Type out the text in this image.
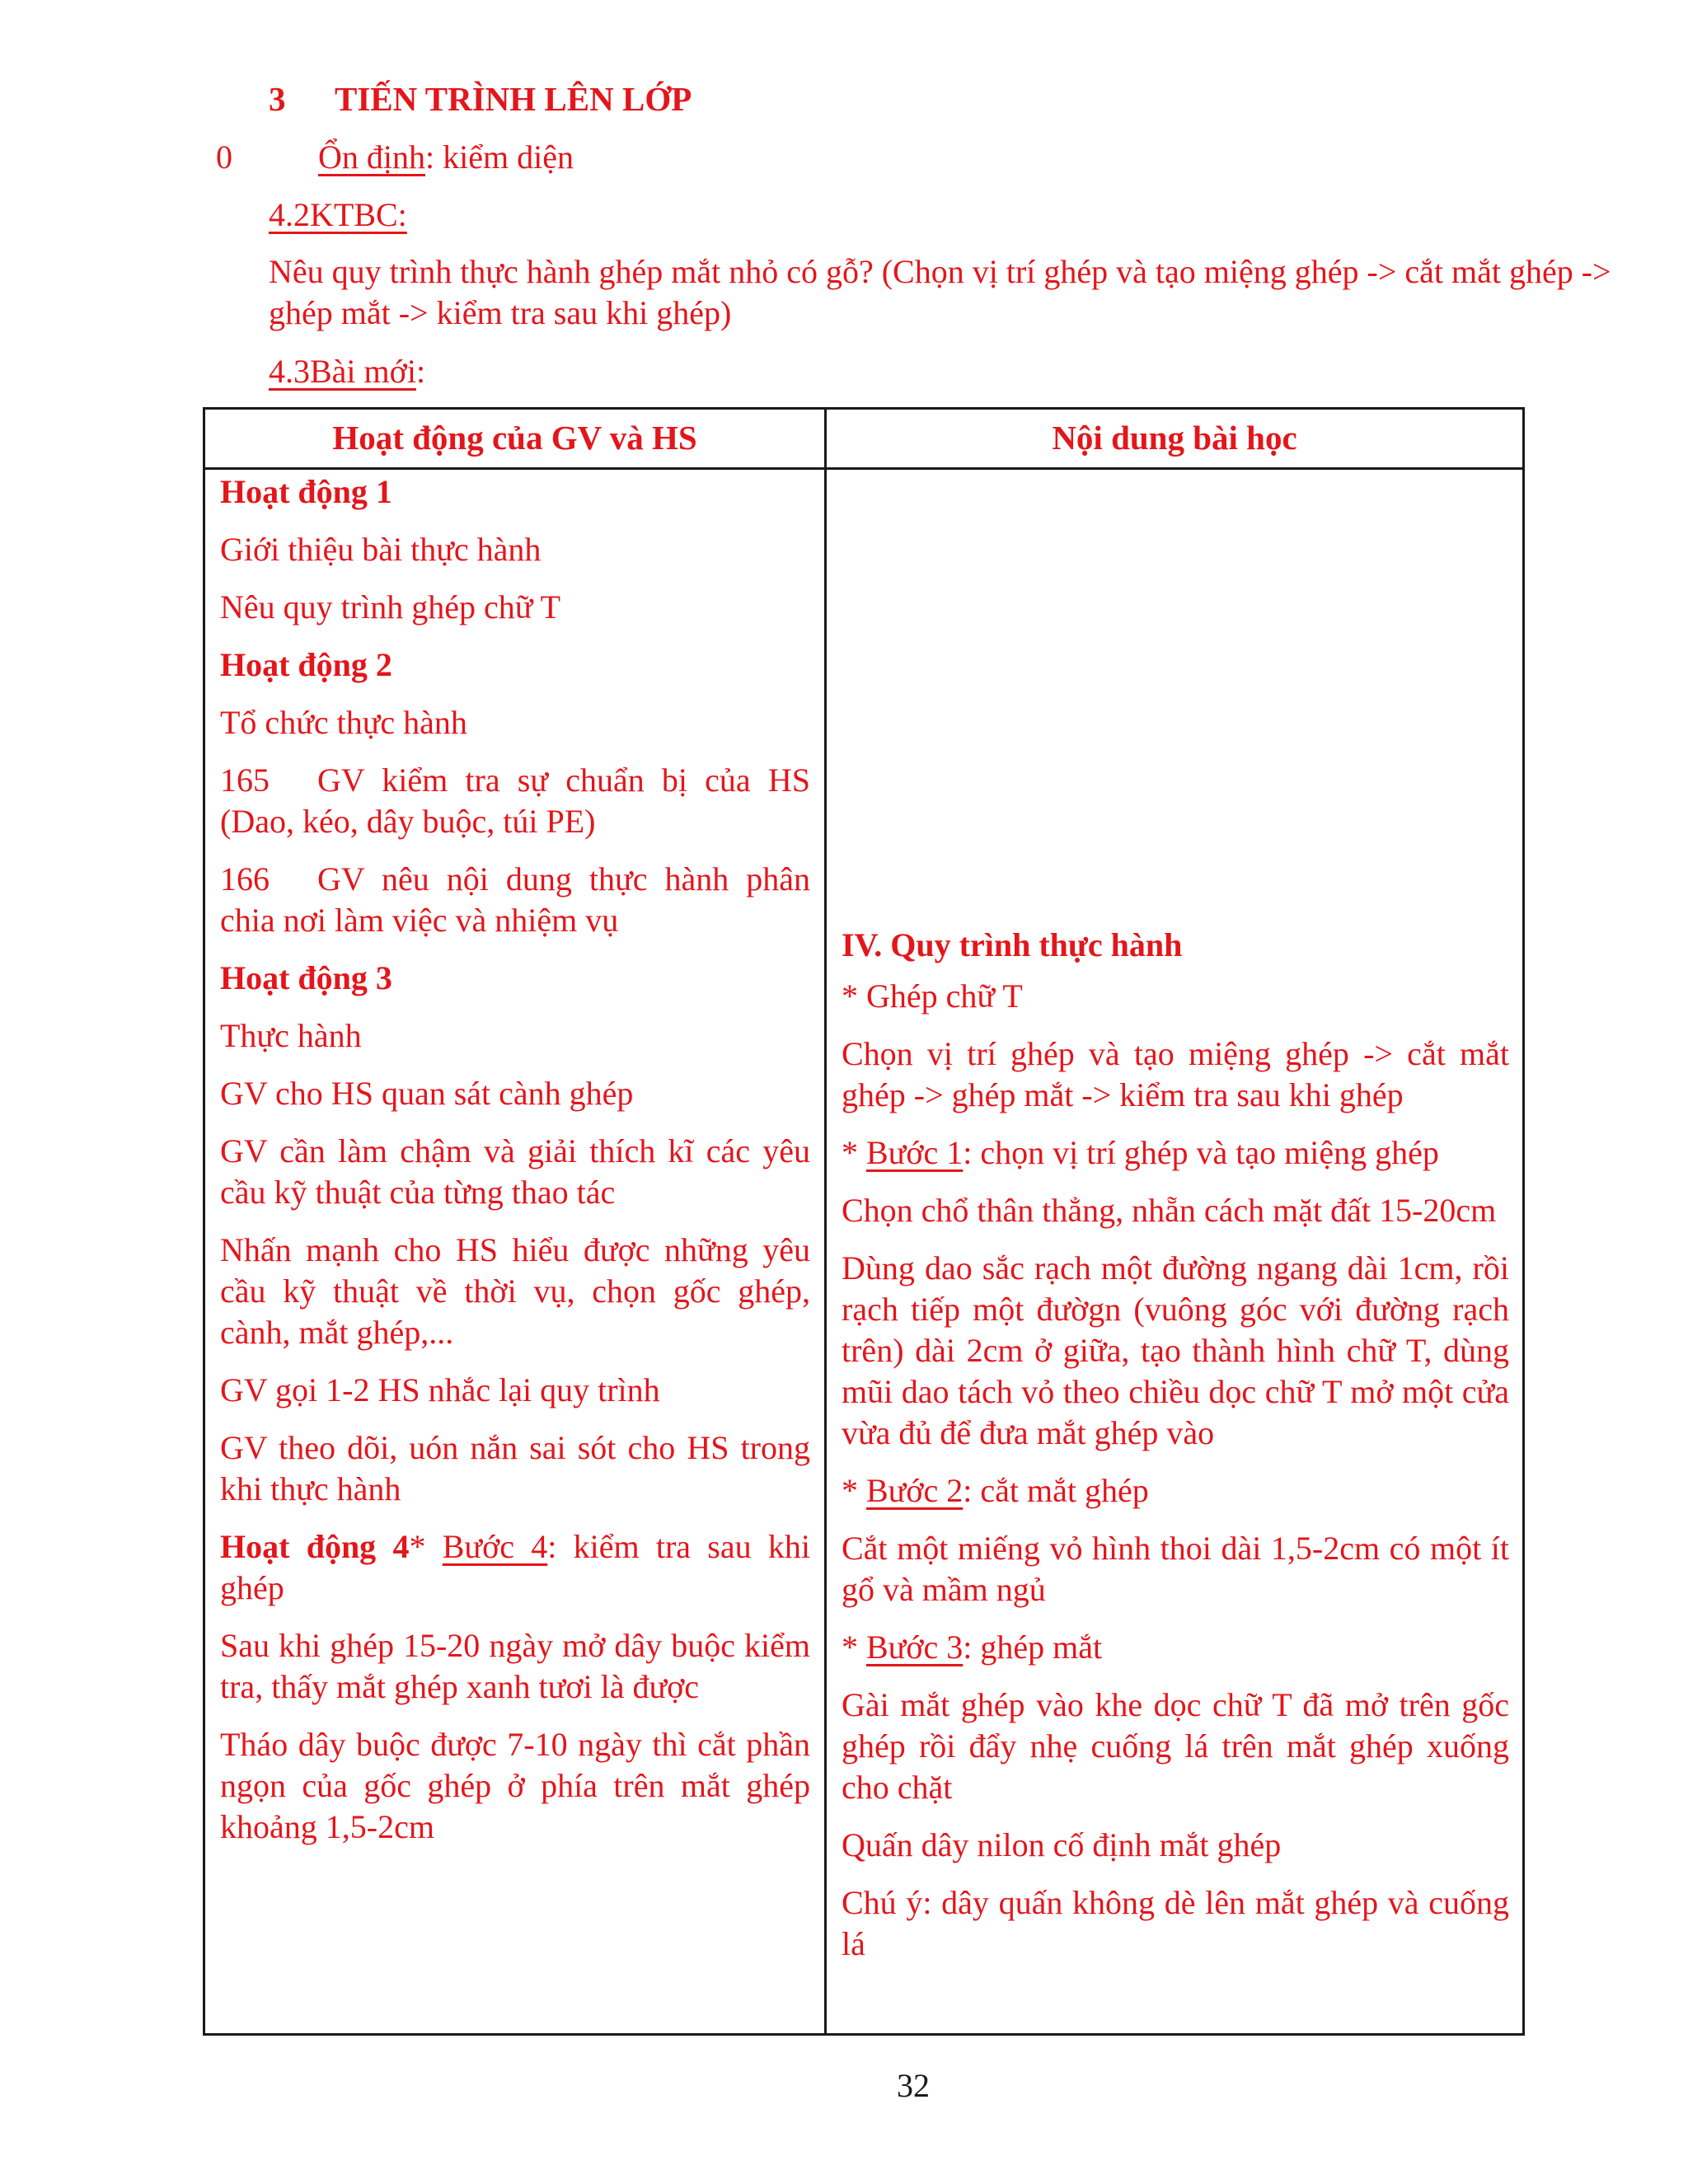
3 TIẾN TRÌNH LÊN LỚP
0	Ổn định: kiểm diện
4.2KTBC:
Nêu quy trình thực hành ghép mắt nhỏ có gỗ? (Chọn vị trí ghép và tạo miệng ghép -> cắt mắt ghép -> ghép mắt -> kiểm tra sau khi ghép)
4.3Bài mới:
Hoạt động của GV và HS	Nội dung bài học

Hoạt động 1

Giới thiệu bài thực hành

Nêu quy trình ghép chữ T

Hoạt động 2

Tổ chức thực hành

165 GV kiểm tra sự chuẩn bị của HS (Dao, kéo, dây buộc, túi PE)

166 GV nêu nội dung thực hành phân chia nơi làm việc và nhiệm vụ

Hoạt động 3

Thực hành

GV cho HS quan sát cành ghép

GV cần làm chậm và giải thích kĩ các yêu cầu kỹ thuật của từng thao tác

Nhấn mạnh cho HS hiểu được những yêu cầu kỹ thuật về thời vụ, chọn gốc ghép, cành, mắt ghép,...

GV gọi 1-2 HS nhắc lại quy trình

GV theo dõi, uón nắn sai sót cho HS trong khi thực hành

Hoạt động 4* Bước 4: kiểm tra sau khi ghép

Sau khi ghép 15-20 ngày mở dây buộc kiểm tra, thấy mắt ghép xanh tươi là được

Tháo dây buộc được 7-10 ngày thì cắt phần ngọn của gốc ghép ở phía trên mắt ghép khoảng 1,5-2cm

IV. Quy trình thực hành

* Ghép chữ T

Chọn vị trí ghép và tạo miệng ghép -> cắt mắt ghép -> ghép mắt -> kiểm tra sau khi ghép

* Bước 1: chọn vị trí ghép và tạo miệng ghép

Chọn chổ thân thẳng, nhẵn cách mặt đất 15-20cm

Dùng dao sắc rạch một đường ngang dài 1cm, rồi rạch tiếp một đườgn (vuông góc với đường rạch trên) dài 2cm ở giữa, tạo thành hình chữ T, dùng mũi dao tách vỏ theo chiều dọc chữ T mở một cửa vừa đủ để đưa mắt ghép vào

* Bước 2: cắt mắt ghép

Cắt một miếng vỏ hình thoi dài 1,5-2cm có một ít gổ và mầm ngủ

* Bước 3: ghép mắt

Gài mắt ghép vào khe dọc chữ T đã mở trên gốc ghép rồi đẩy nhẹ cuống lá trên mắt ghép xuống cho chặt

Quấn dây nilon cố định mắt ghép

Chú ý: dây quấn không dè lên mắt ghép và cuống lá

32
